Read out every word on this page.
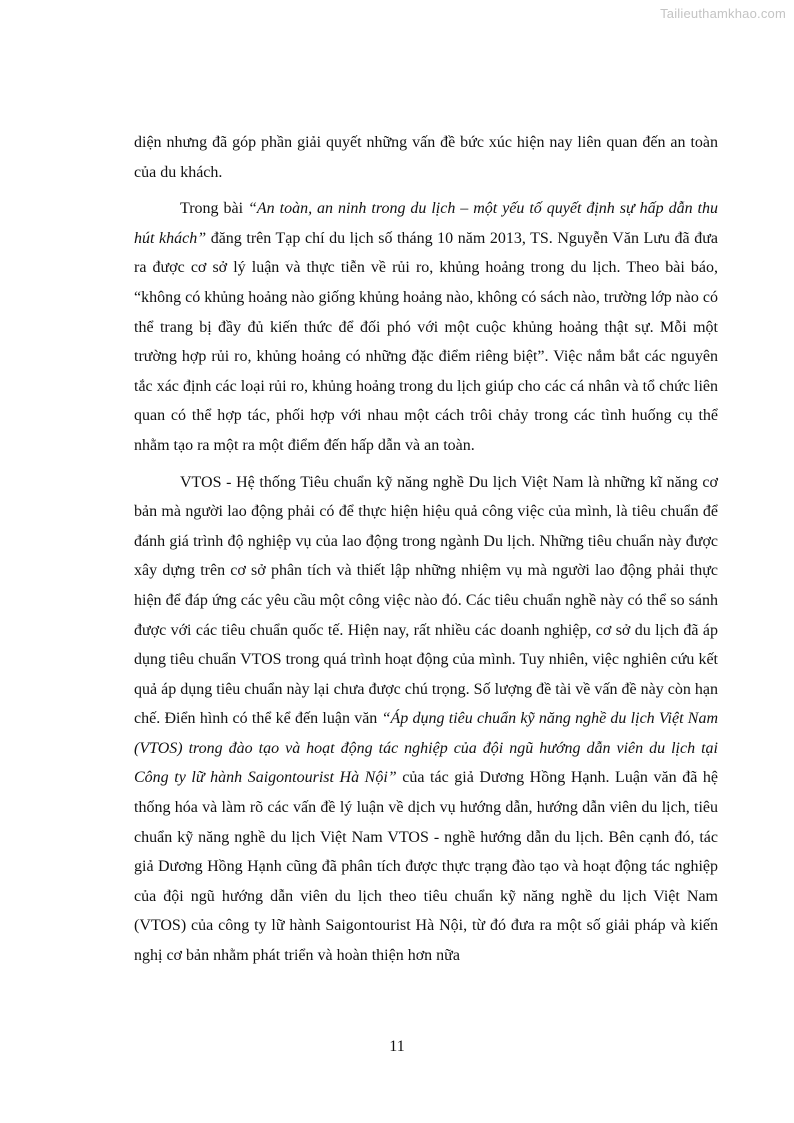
Tailieuthamkhao.com

diện nhưng đã góp phần giải quyết những vấn đề bức xúc hiện nay liên quan đến an toàn của du khách.

Trong bài “An toàn, an ninh trong du lịch – một yếu tố quyết định sự hấp dẫn thu hút khách” đăng trên Tạp chí du lịch số tháng 10 năm 2013, TS. Nguyễn Văn Lưu đã đưa ra được cơ sở lý luận và thực tiễn về rủi ro, khủng hoảng trong du lịch. Theo bài báo, “không có khủng hoảng nào giống khủng hoảng nào, không có sách nào, trường lớp nào có thể trang bị đầy đủ kiến thức để đối phó với một cuộc khủng hoảng thật sự. Mỗi một trường hợp rủi ro, khủng hoảng có những đặc điểm riêng biệt”. Việc nắm bắt các nguyên tắc xác định các loại rủi ro, khủng hoảng trong du lịch giúp cho các cá nhân và tổ chức liên quan có thể hợp tác, phối hợp với nhau một cách trôi chảy trong các tình huống cụ thể nhằm tạo ra một ra một điểm đến hấp dẫn và an toàn.

VTOS - Hệ thống Tiêu chuẩn kỹ năng nghề Du lịch Việt Nam là những kĩ năng cơ bản mà người lao động phải có để thực hiện hiệu quả công việc của mình, là tiêu chuẩn để đánh giá trình độ nghiệp vụ của lao động trong ngành Du lịch. Những tiêu chuẩn này được xây dựng trên cơ sở phân tích và thiết lập những nhiệm vụ mà người lao động phải thực hiện để đáp ứng các yêu cầu một công việc nào đó. Các tiêu chuẩn nghề này có thể so sánh được với các tiêu chuẩn quốc tế. Hiện nay, rất nhiều các doanh nghiệp, cơ sở du lịch đã áp dụng tiêu chuẩn VTOS trong quá trình hoạt động của mình. Tuy nhiên, việc nghiên cứu kết quả áp dụng tiêu chuẩn này lại chưa được chú trọng. Số lượng đề tài về vấn đề này còn hạn chế. Điển hình có thể kể đến luận văn “Áp dụng tiêu chuẩn kỹ năng nghề du lịch Việt Nam (VTOS) trong đào tạo và hoạt động tác nghiệp của đội ngũ hướng dẫn viên du lịch tại Công ty lữ hành Saigontourist Hà Nội” của tác giả Dương Hồng Hạnh. Luận văn đã hệ thống hóa và làm rõ các vấn đề lý luận về dịch vụ hướng dẫn, hướng dẫn viên du lịch, tiêu chuẩn kỹ năng nghề du lịch Việt Nam VTOS - nghề hướng dẫn du lịch. Bên cạnh đó, tác giả Dương Hồng Hạnh cũng đã phân tích được thực trạng đào tạo và hoạt động tác nghiệp của đội ngũ hướng dẫn viên du lịch theo tiêu chuẩn kỹ năng nghề du lịch Việt Nam (VTOS) của công ty lữ hành Saigontourist Hà Nội, từ đó đưa ra một số giải pháp và kiến nghị cơ bản nhằm phát triển và hoàn thiện hơn nữa

11
